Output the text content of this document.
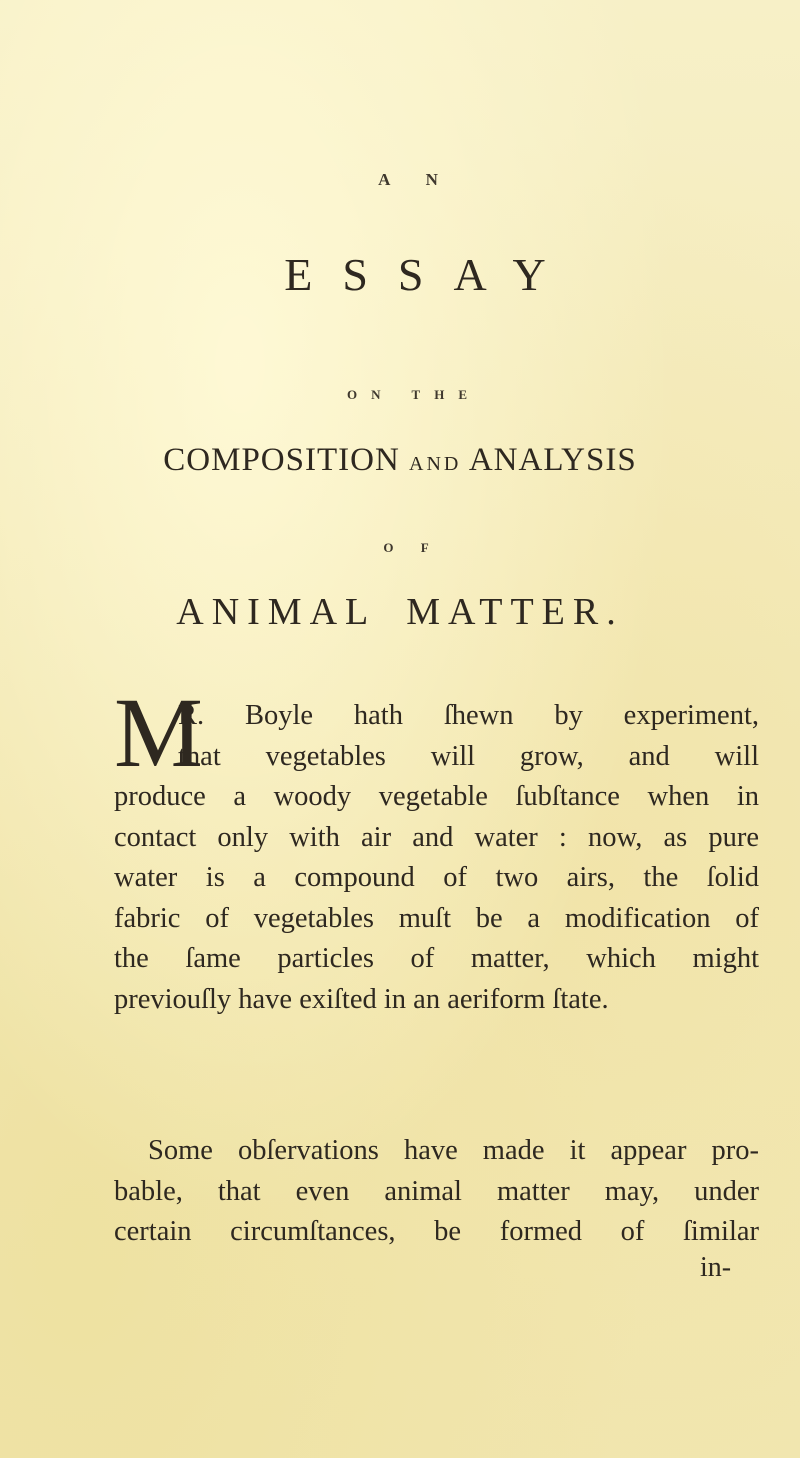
A N
ESSAY
ON THE
COMPOSITION AND ANALYSIS
O F
ANIMAL MATTER.
M
R. Boyle hath ſhewn by experiment,
that vegetables will grow, and will
produce a woody vegetable ſubſtance when in
contact only with air and water : now, as pure
water is a compound of two airs, the ſolid
fabric of vegetables muſt be a modification of
the ſame particles of matter, which might
previouſly have exiſted in an aeriform ſtate.
Some obſervations have made it appear pro-
bable, that even animal matter may, under
certain circumſtances, be formed of ſimilar
in-
